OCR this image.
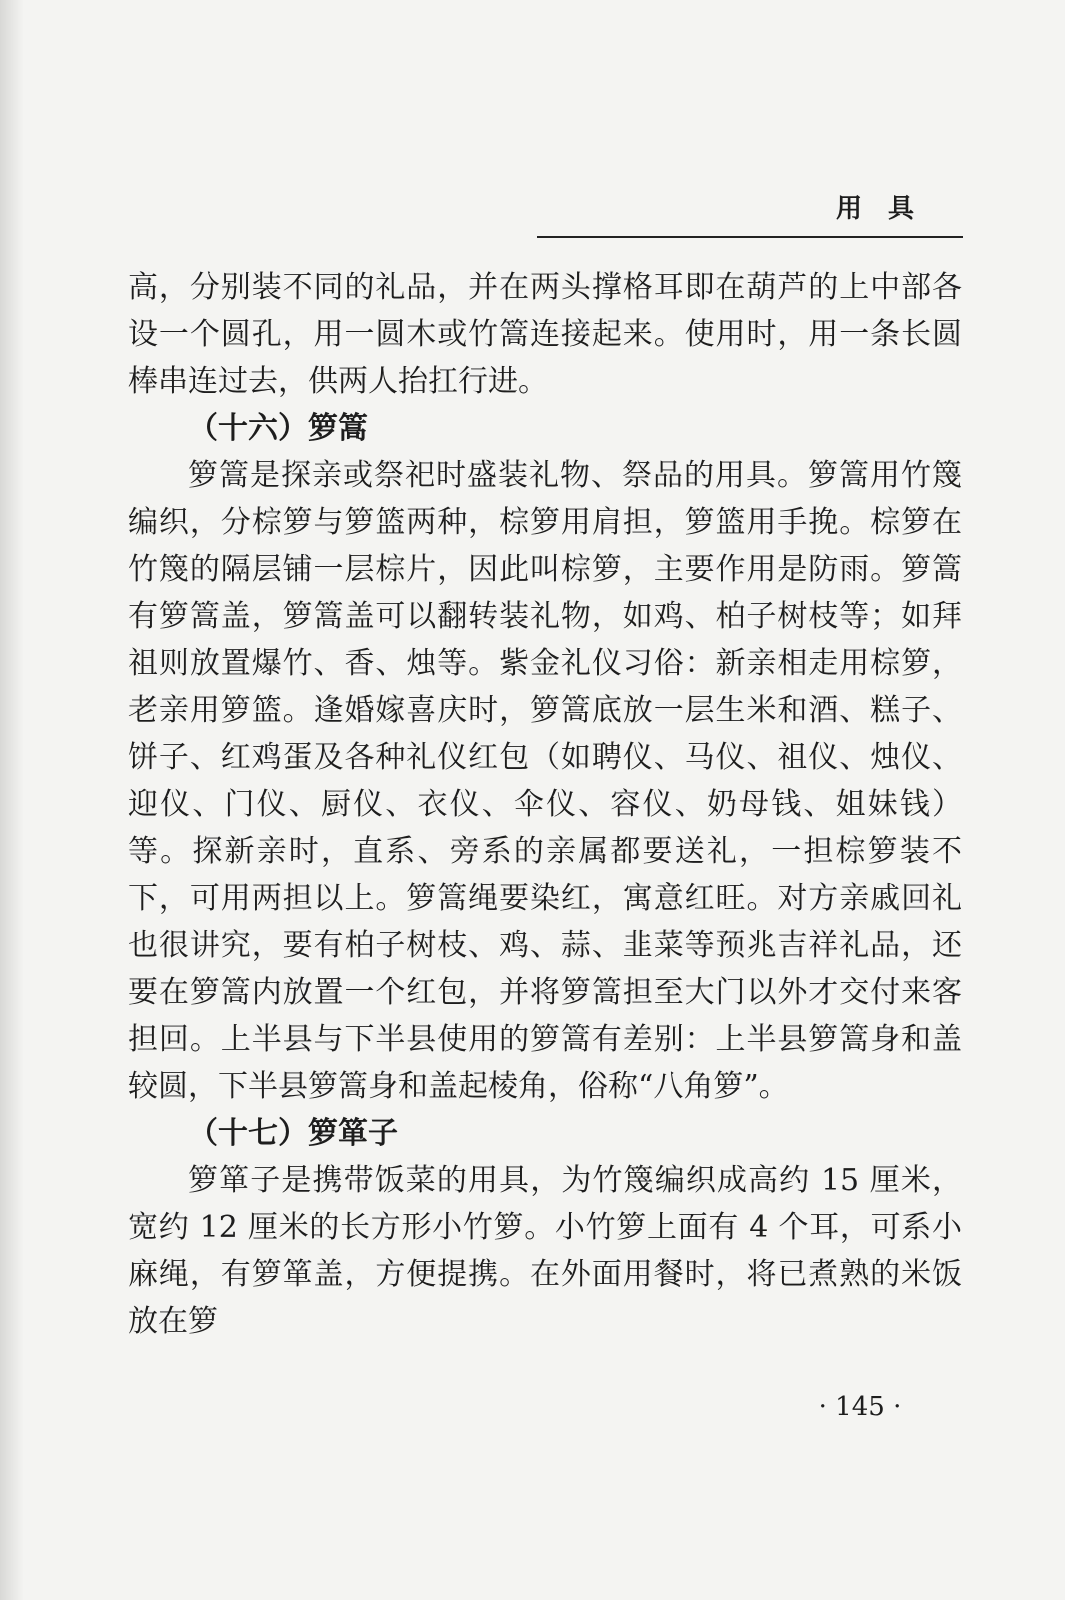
用具

高，分别装不同的礼品，并在两头撑格耳即在葫芦的上中部各设一个圆孔，用一圆木或竹篙连接起来。使用时，用一条长圆棒串连过去，供两人抬扛行进。

（十六）箩篙

箩篙是探亲或祭祀时盛装礼物、祭品的用具。箩篙用竹篾编织，分棕箩与箩篮两种，棕箩用肩担，箩篮用手挽。棕箩在竹篾的隔层铺一层棕片，因此叫棕箩，主要作用是防雨。箩篙有箩篙盖，箩篙盖可以翻转装礼物，如鸡、柏子树枝等；如拜祖则放置爆竹、香、烛等。紫金礼仪习俗：新亲相走用棕箩，老亲用箩篮。逢婚嫁喜庆时，箩篙底放一层生米和酒、糕子、饼子、红鸡蛋及各种礼仪红包（如聘仪、马仪、祖仪、烛仪、迎仪、门仪、厨仪、衣仪、伞仪、容仪、奶母钱、姐妹钱）等。探新亲时，直系、旁系的亲属都要送礼，一担棕箩装不下，可用两担以上。箩篙绳要染红，寓意红旺。对方亲戚回礼也很讲究，要有柏子树枝、鸡、蒜、韭菜等预兆吉祥礼品，还要在箩篙内放置一个红包，并将箩篙担至大门以外才交付来客担回。上半县与下半县使用的箩篙有差别：上半县箩篙身和盖较圆，下半县箩篙身和盖起棱角，俗称“八角箩”。

（十七）箩箪子

箩箪子是携带饭菜的用具，为竹篾编织成高约 15 厘米，宽约 12 厘米的长方形小竹箩。小竹箩上面有 4 个耳，可系小麻绳，有箩箪盖，方便提携。在外面用餐时，将已煮熟的米饭放在箩

· 145 ·
